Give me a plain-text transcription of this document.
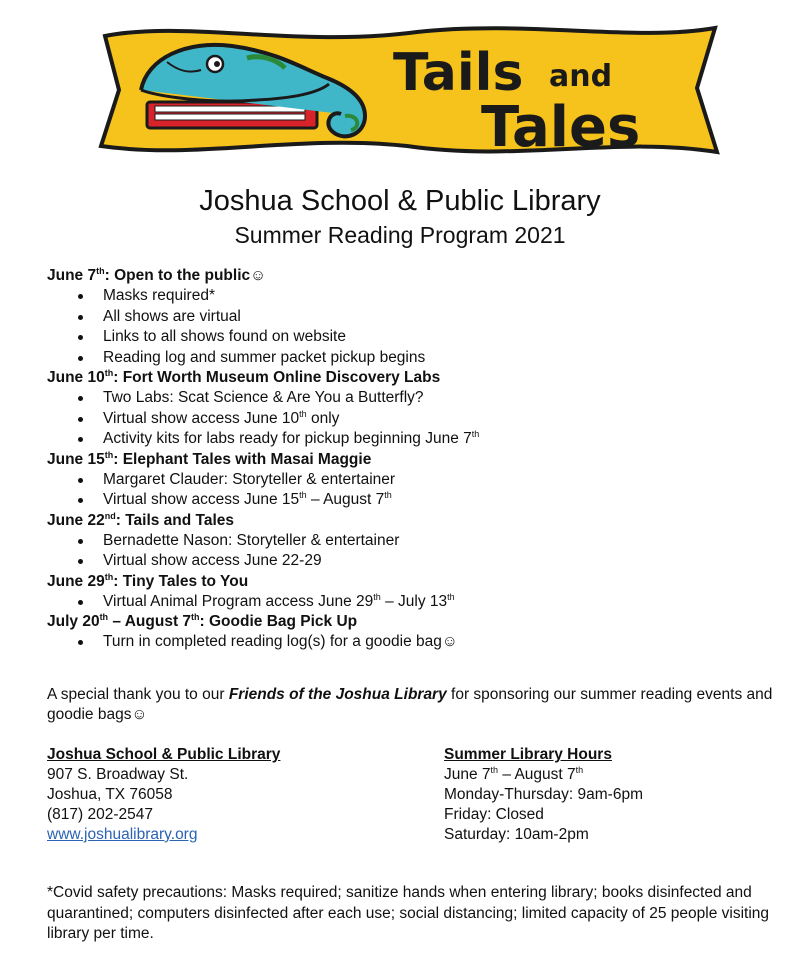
Tails and
Tales
Joshua School & Public Library
Summer Reading Program 2021
June 7th: Open to the public☺
Masks required*
All shows are virtual
Links to all shows found on website
Reading log and summer packet pickup begins
June 10th: Fort Worth Museum Online Discovery Labs
Two Labs: Scat Science & Are You a Butterfly?
Virtual show access June 10th only
Activity kits for labs ready for pickup beginning June 7th
June 15th: Elephant Tales with Masai Maggie
Margaret Clauder: Storyteller & entertainer
Virtual show access June 15th – August 7th
June 22nd: Tails and Tales
Bernadette Nason: Storyteller & entertainer
Virtual show access June 22-29
June 29th: Tiny Tales to You
Virtual Animal Program access June 29th – July 13th
July 20th – August 7th: Goodie Bag Pick Up
Turn in completed reading log(s) for a goodie bag☺
A special thank you to our Friends of the Joshua Library for sponsoring our summer reading events and goodie bags☺
Joshua School & Public Library
907 S. Broadway St.
Joshua, TX 76058
(817) 202-2547
www.joshualibrary.org
Summer Library Hours
June 7th – August 7th
Monday-Thursday: 9am-6pm
Friday: Closed
Saturday: 10am-2pm
*Covid safety precautions: Masks required; sanitize hands when entering library; books disinfected and quarantined; computers disinfected after each use; social distancing; limited capacity of 25 people visiting library per time.
